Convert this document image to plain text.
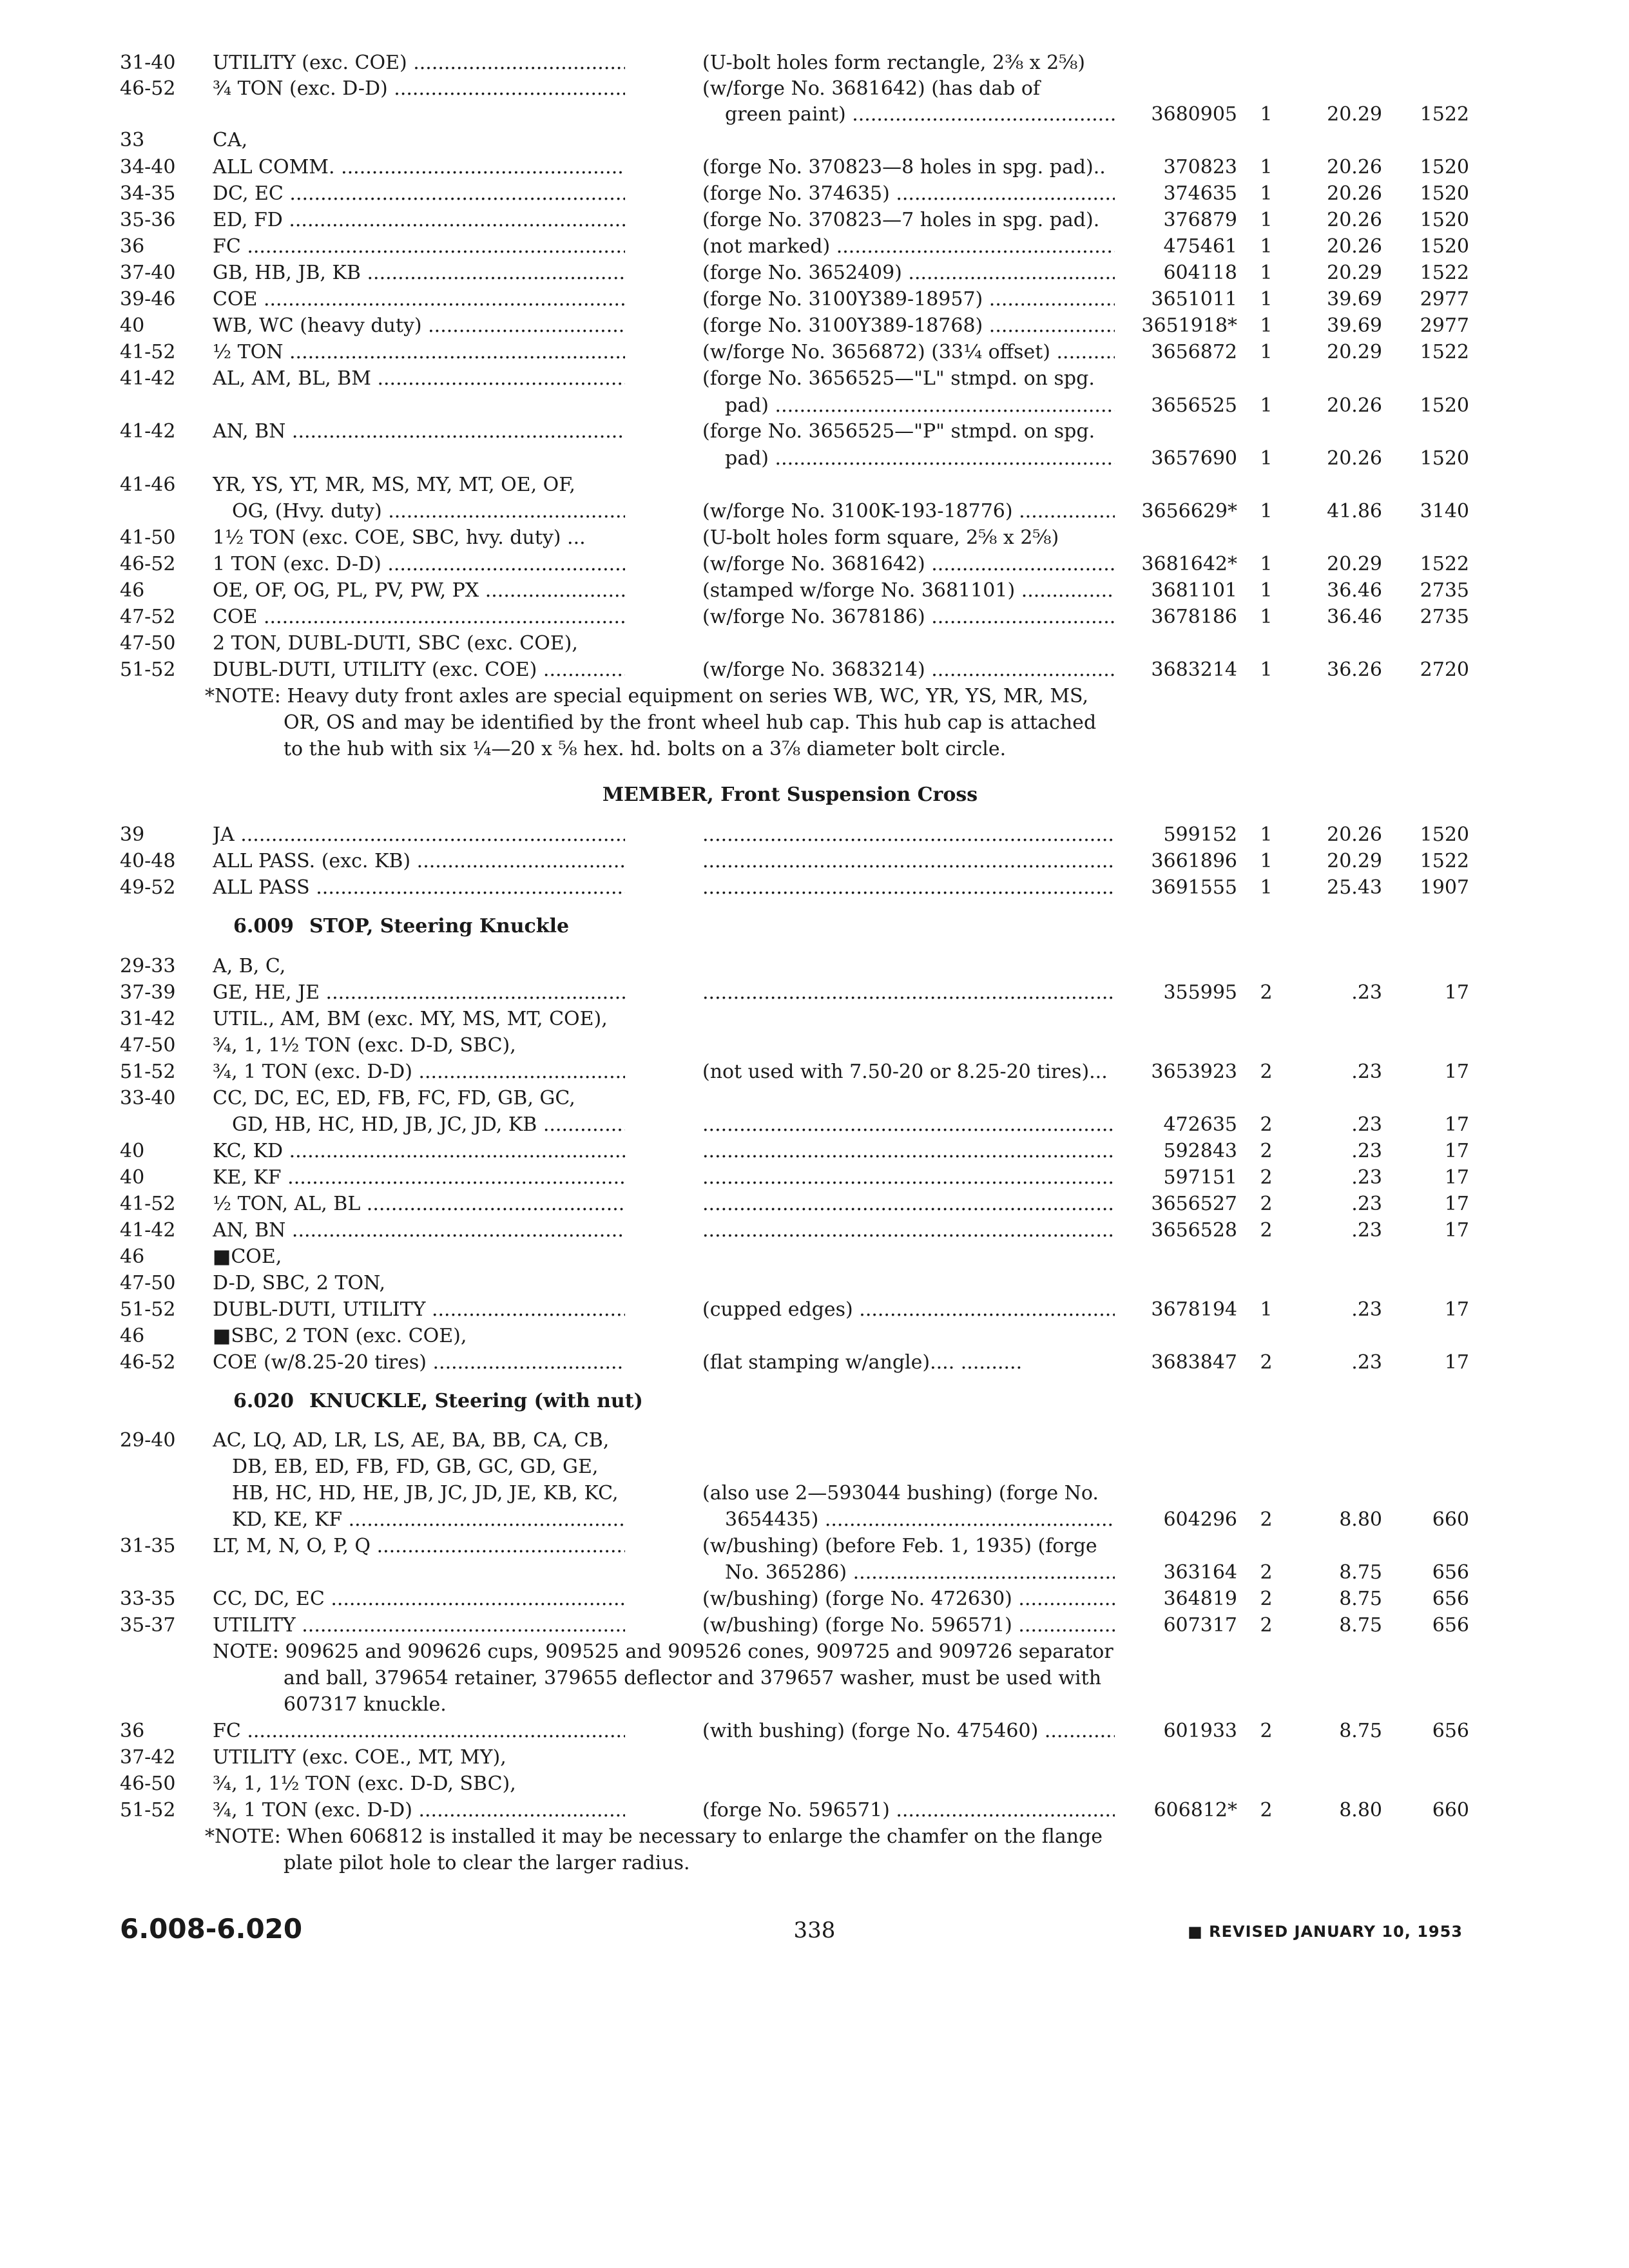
31-40	UTILITY (exc. COE) .....	(U-bolt holes form rectangle, 2⅜ x 2⅝)
46-52	¾ TON (exc. D-D) .....	(w/forge No. 3681642) (has dab of
green paint) .....	3680905	1	20.29	1522
33	CA,
34-40	ALL COMM. .....	(forge No. 370823—8 holes in spg. pad)..	370823	1	20.26	1520
34-35	DC, EC .....	(forge No. 374635) .....	374635	1	20.26	1520
35-36	ED, FD .....	(forge No. 370823—7 holes in spg. pad).	376879	1	20.26	1520
36	FC .....	(not marked) .....	475461	1	20.26	1520
37-40	GB, HB, JB, KB .....	(forge No. 3652409) .....	604118	1	20.29	1522
39-46	COE .....	(forge No. 3100Y389-18957) .....	3651011	1	39.69	2977
40	WB, WC (heavy duty) .....	(forge No. 3100Y389-18768) .....	3651918*	1	39.69	2977
41-52	½ TON .....	(w/forge No. 3656872) (33¼ offset) .....	3656872	1	20.29	1522
41-42	AL, AM, BL, BM .....	(forge No. 3656525—"L" stmpd. on spg.
pad) .....	3656525	1	20.26	1520
41-42	AN, BN .....	(forge No. 3656525—"P" stmpd. on spg.
pad) .....	3657690	1	20.26	1520
41-46	YR, YS, YT, MR, MS, MY, MT, OE, OF,
OG, (Hvy. duty) .....	(w/forge No. 3100K-193-18776) .....	3656629*	1	41.86	3140
41-50	1½ TON (exc. COE, SBC, hvy. duty) ...	(U-bolt holes form square, 2⅝ x 2⅝)
46-52	1 TON (exc. D-D) .....	(w/forge No. 3681642) .....	3681642*	1	20.29	1522
46	OE, OF, OG, PL, PV, PW, PX .....	(stamped w/forge No. 3681101) .....	3681101	1	36.46	2735
47-52	COE .....	(w/forge No. 3678186) .....	3678186	1	36.46	2735
47-50	2 TON, DUBL-DUTI, SBC (exc. COE),
51-52	DUBL-DUTI, UTILITY (exc. COE) .....	(w/forge No. 3683214) .....	3683214	1	36.26	2720
*NOTE: Heavy duty front axles are special equipment on series WB, WC, YR, YS, MR, MS,
OR, OS and may be identified by the front wheel hub cap. This hub cap is attached
to the hub with six ¼—20 x ⅝ hex. hd. bolts on a 3⅞ diameter bolt circle.
MEMBER, Front Suspension Cross
39	JA ..... .....	599152	1	20.26	1520
40-48	ALL PASS. (exc. KB) ..... .....	3661896	1	20.29	1522
49-52	ALL PASS ..... .....	3691555	1	25.43	1907
6.009 STOP, Steering Knuckle
29-33	A, B, C,
37-39	GE, HE, JE ..... .....	355995	2	.23	17
31-42	UTIL., AM, BM (exc. MY, MS, MT, COE),
47-50	¾, 1, 1½ TON (exc. D-D, SBC),
51-52	¾, 1 TON (exc. D-D) .....	(not used with 7.50-20 or 8.25-20 tires)...	3653923	2	.23	17
33-40	CC, DC, EC, ED, FB, FC, FD, GB, GC,
GD, HB, HC, HD, JB, JC, JD, KB ..... .....	472635	2	.23	17
40	KC, KD ..... .....	592843	2	.23	17
40	KE, KF ..... .....	597151	2	.23	17
41-52	½ TON, AL, BL ..... .....	3656527	2	.23	17
41-42	AN, BN ..... .....	3656528	2	.23	17
46	■COE,
47-50	D-D, SBC, 2 TON,
51-52	DUBL-DUTI, UTILITY .....	(cupped edges) .....	3678194	1	.23	17
46	■SBC, 2 TON (exc. COE),
46-52	COE (w/8.25-20 tires) .....	(flat stamping w/angle).... ..........	3683847	2	.23	17
6.020 KNUCKLE, Steering (with nut)
29-40	AC, LQ, AD, LR, LS, AE, BA, BB, CA, CB,
DB, EB, ED, FB, FD, GB, GC, GD, GE,
HB, HC, HD, HE, JB, JC, JD, JE, KB, KC,	(also use 2—593044 bushing) (forge No.
KD, KE, KF .....	3654435) .....	604296	2	8.80	660
31-35	LT, M, N, O, P, Q .....	(w/bushing) (before Feb. 1, 1935) (forge
No. 365286) .....	363164	2	8.75	656
33-35	CC, DC, EC .....	(w/bushing) (forge No. 472630) .....	364819	2	8.75	656
35-37	UTILITY .....	(w/bushing) (forge No. 596571) .....	607317	2	8.75	656
NOTE: 909625 and 909626 cups, 909525 and 909526 cones, 909725 and 909726 separator
and ball, 379654 retainer, 379655 deflector and 379657 washer, must be used with
607317 knuckle.
36	FC .....	(with bushing) (forge No. 475460) .....	601933	2	8.75	656
37-42	UTILITY (exc. COE., MT, MY),
46-50	¾, 1, 1½ TON (exc. D-D, SBC),
51-52	¾, 1 TON (exc. D-D) .....	(forge No. 596571) .....	606812*	2	8.80	660
*NOTE: When 606812 is installed it may be necessary to enlarge the chamfer on the flange
plate pilot hole to clear the larger radius.
6.008-6.020	338	■ REVISED JANUARY 10, 1953
